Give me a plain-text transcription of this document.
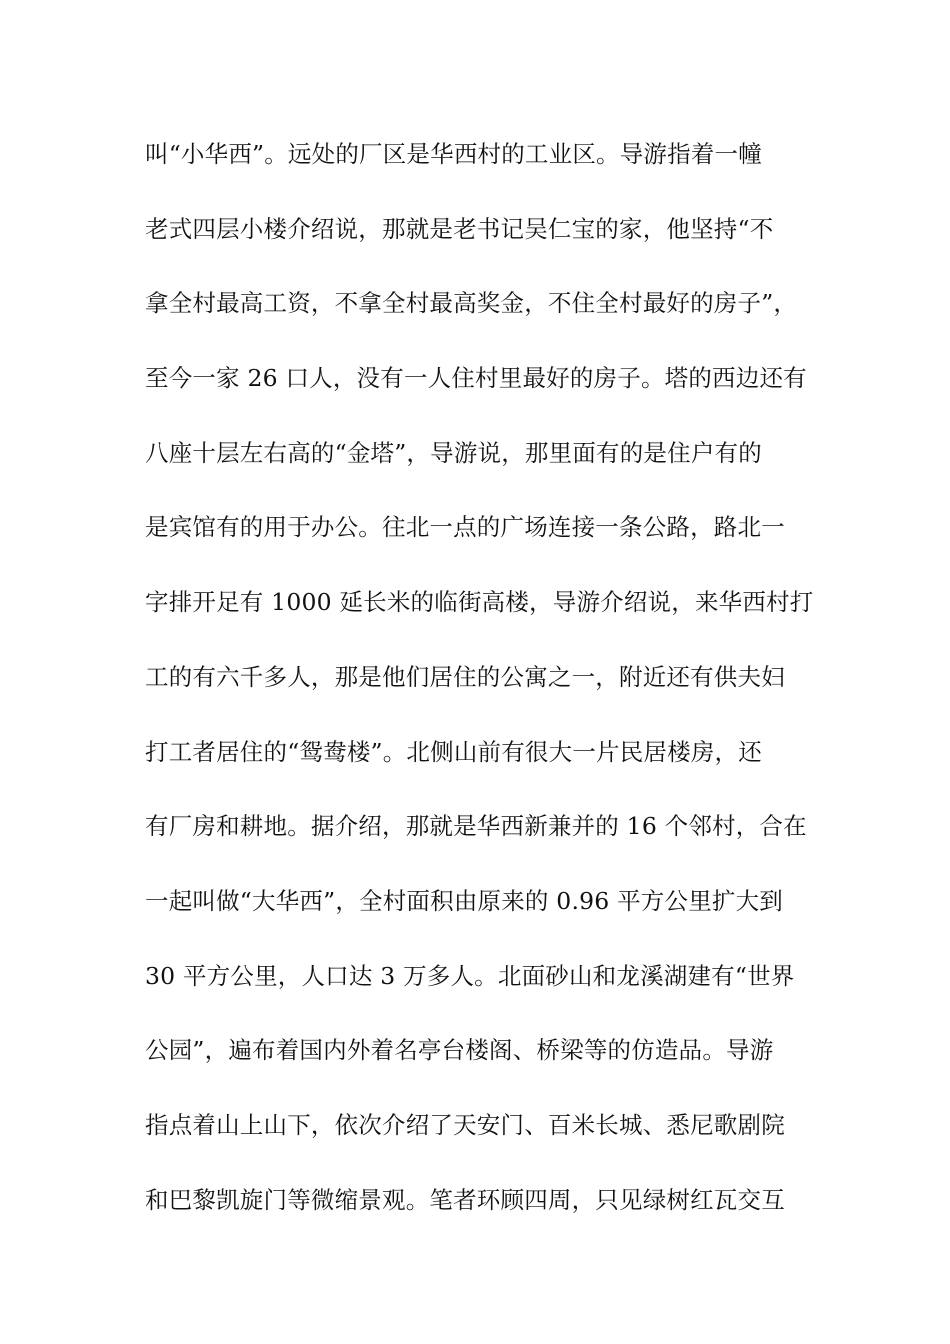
叫“小华西”。远处的厂区是华西村的工业区。导游指着一幢
老式四层小楼介绍说，那就是老书记吴仁宝的家，他坚持“不
拿全村最高工资，不拿全村最高奖金，不住全村最好的房子”，
至今一家 26 口人，没有一人住村里最好的房子。塔的西边还有
八座十层左右高的“金塔”，导游说，那里面有的是住户有的
是宾馆有的用于办公。往北一点的广场连接一条公路，路北一
字排开足有 1000 延长米的临街高楼，导游介绍说，来华西村打
工的有六千多人，那是他们居住的公寓之一，附近还有供夫妇
打工者居住的“鸳鸯楼”。北侧山前有很大一片民居楼房，还
有厂房和耕地。据介绍，那就是华西新兼并的 16 个邻村，合在
一起叫做“大华西”，全村面积由原来的 0.96 平方公里扩大到
30 平方公里，人口达 3 万多人。北面砂山和龙溪湖建有“世界
公园”，遍布着国内外着名亭台楼阁、桥梁等的仿造品。导游
指点着山上山下，依次介绍了天安门、百米长城、悉尼歌剧院
和巴黎凯旋门等微缩景观。笔者环顾四周，只见绿树红瓦交互
